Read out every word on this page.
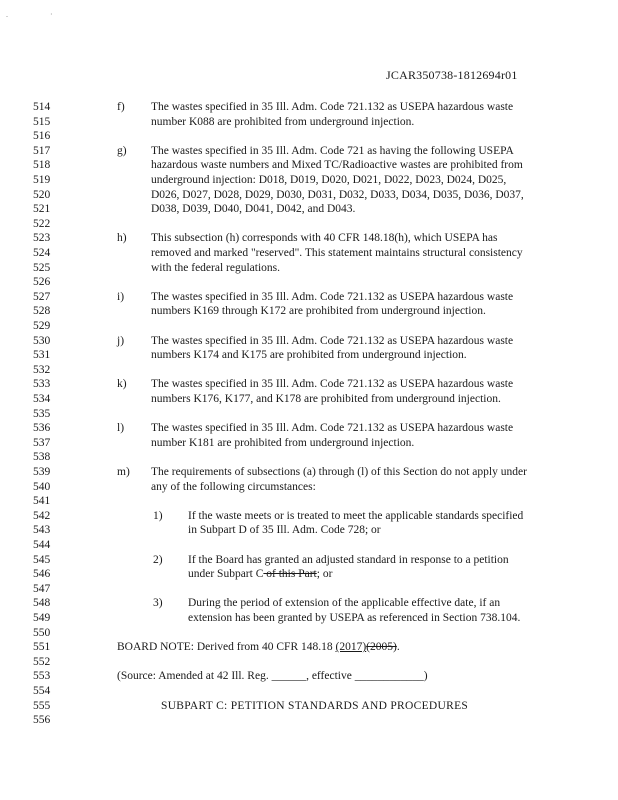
.	·
JCAR350738-1812694r01
514
515
516
517
518
519
520
521
522
523
524
525
526
527
528
529
530
531
532
533
534
535
536
537
538
539
540
541
542
543
544
545
546
547
548
549
550
551
552
553
554
555
556
f) The wastes specified in 35 Ill. Adm. Code 721.132 as USEPA hazardous waste
number K088 are prohibited from underground injection.
g) The wastes specified in 35 Ill. Adm. Code 721 as having the following USEPA
hazardous waste numbers and Mixed TC/Radioactive wastes are prohibited from
underground injection: D018, D019, D020, D021, D022, D023, D024, D025,
D026, D027, D028, D029, D030, D031, D032, D033, D034, D035, D036, D037,
D038, D039, D040, D041, D042, and D043.
h) This subsection (h) corresponds with 40 CFR 148.18(h), which USEPA has
removed and marked "reserved". This statement maintains structural consistency
with the federal regulations.
i) The wastes specified in 35 Ill. Adm. Code 721.132 as USEPA hazardous waste
numbers K169 through K172 are prohibited from underground injection.
j) The wastes specified in 35 Ill. Adm. Code 721.132 as USEPA hazardous waste
numbers K174 and K175 are prohibited from underground injection.
k) The wastes specified in 35 Ill. Adm. Code 721.132 as USEPA hazardous waste
numbers K176, K177, and K178 are prohibited from underground injection.
l) The wastes specified in 35 Ill. Adm. Code 721.132 as USEPA hazardous waste
number K181 are prohibited from underground injection.
m) The requirements of subsections (a) through (l) of this Section do not apply under
any of the following circumstances:
1) If the waste meets or is treated to meet the applicable standards specified
in Subpart D of 35 Ill. Adm. Code 728; or
2) If the Board has granted an adjusted standard in response to a petition
under Subpart C of this Part; or
3) During the period of extension of the applicable effective date, if an
extension has been granted by USEPA as referenced in Section 738.104.
BOARD NOTE: Derived from 40 CFR 148.18 (2017)(2005).
(Source: Amended at 42 Ill. Reg. ______, effective ____________)
SUBPART C: PETITION STANDARDS AND PROCEDURES
